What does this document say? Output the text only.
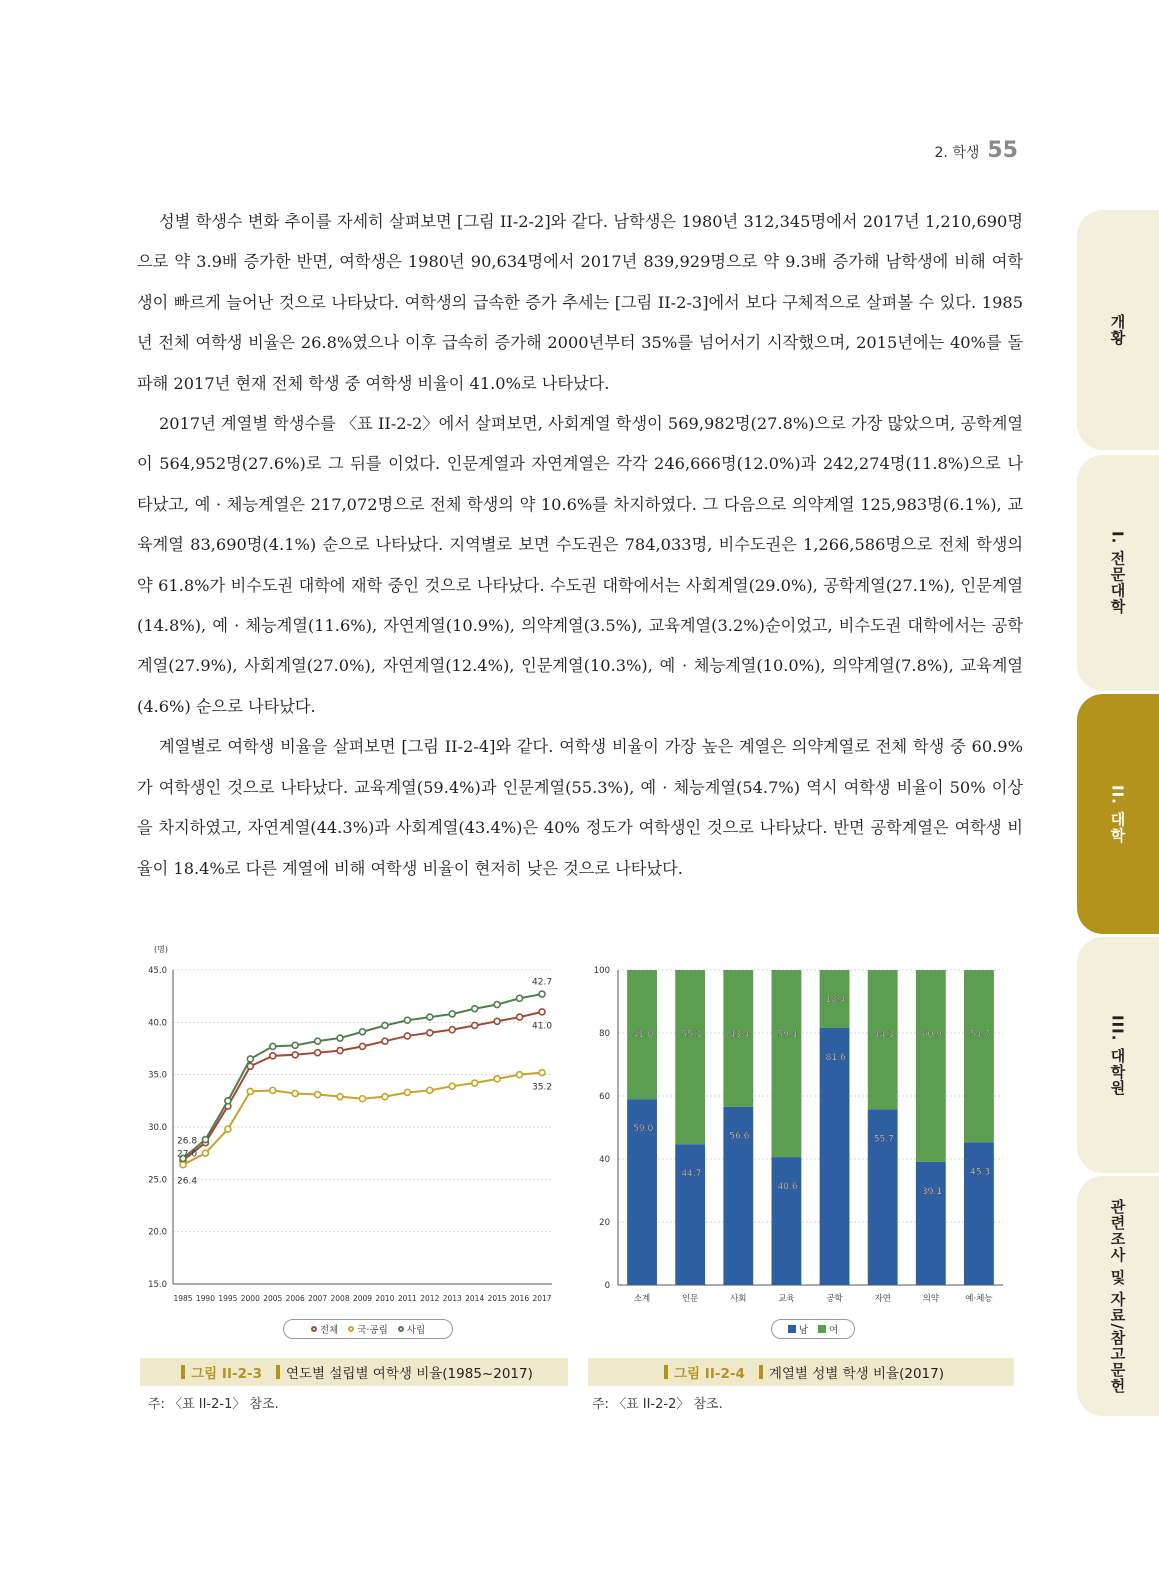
2. 학생 55

성별 학생수 변화 추이를 자세히 살펴보면 [그림 II-2-2]와 같다. 남학생은 1980년 312,345명에서 2017년 1,210,690명으로 약 3.9배 증가한 반면, 여학생은 1980년 90,634명에서 2017년 839,929명으로 약 9.3배 증가해 남학생에 비해 여학생이 빠르게 늘어난 것으로 나타났다. 여학생의 급속한 증가 추세는 [그림 II-2-3]에서 보다 구체적으로 살펴볼 수 있다. 1985년 전체 여학생 비율은 26.8%였으나 이후 급속히 증가해 2000년부터 35%를 넘어서기 시작했으며, 2015년에는 40%를 돌파해 2017년 현재 전체 학생 중 여학생 비율이 41.0%로 나타났다.

2017년 계열별 학생수를 〈표 II-2-2〉에서 살펴보면, 사회계열 학생이 569,982명(27.8%)으로 가장 많았으며, 공학계열이 564,952명(27.6%)로 그 뒤를 이었다. 인문계열과 자연계열은 각각 246,666명(12.0%)과 242,274명(11.8%)으로 나타났고, 예 · 체능계열은 217,072명으로 전체 학생의 약 10.6%를 차지하였다. 그 다음으로 의약계열 125,983명(6.1%), 교육계열 83,690명(4.1%) 순으로 나타났다. 지역별로 보면 수도권은 784,033명, 비수도권은 1,266,586명으로 전체 학생의 약 61.8%가 비수도권 대학에 재학 중인 것으로 나타났다. 수도권 대학에서는 사회계열(29.0%), 공학계열(27.1%), 인문계열(14.8%), 예 · 체능계열(11.6%), 자연계열(10.9%), 의약계열(3.5%), 교육계열(3.2%)순이었고, 비수도권 대학에서는 공학계열(27.9%), 사회계열(27.0%), 자연계열(12.4%), 인문계열(10.3%), 예 · 체능계열(10.0%), 의약계열(7.8%), 교육계열(4.6%) 순으로 나타났다.

계열별로 여학생 비율을 살펴보면 [그림 II-2-4]와 같다. 여학생 비율이 가장 높은 계열은 의약계열로 전체 학생 중 60.9%가 여학생인 것으로 나타났다. 교육계열(59.4%)과 인문계열(55.3%), 예 · 체능계열(54.7%) 역시 여학생 비율이 50% 이상을 차지하였고, 자연계열(44.3%)과 사회계열(43.4%)은 40% 정도가 여학생인 것으로 나타났다. 반면 공학계열은 여학생 비율이 18.4%로 다른 계열에 비해 여학생 비율이 현저히 낮은 것으로 나타났다.

개황
I. 전문대학
II. 대학
III. 대학원
관련조사 및 자료/참고문헌
(명)
15.0
20.0
25.0
30.0
35.0
40.0
45.0
1985 1990 1995 2000 2005 2006 2007 2008 2009 2010 2011 2012 2013 2014 2015 2016 2017
26.8
27.0
26.4
42.7
41.0
35.2
전체 국·공립 사립
그림 II-2-3 연도별 설립별 여학생 비율(1985~2017)
주: 〈표 II-2-1〉 참조.
0
20
40
60
80
100
59.0
41.0
소계
44.7
55.3
인문
56.6
43.4
사회
40.6
59.4
교육
81.6
18.4
공학
55.7
44.3
자연
39.1
60.9
의약
45.3
54.7
예·체능
남 여
그림 II-2-4 계열별 성별 학생 비율(2017)
주: 〈표 II-2-2〉 참조.
